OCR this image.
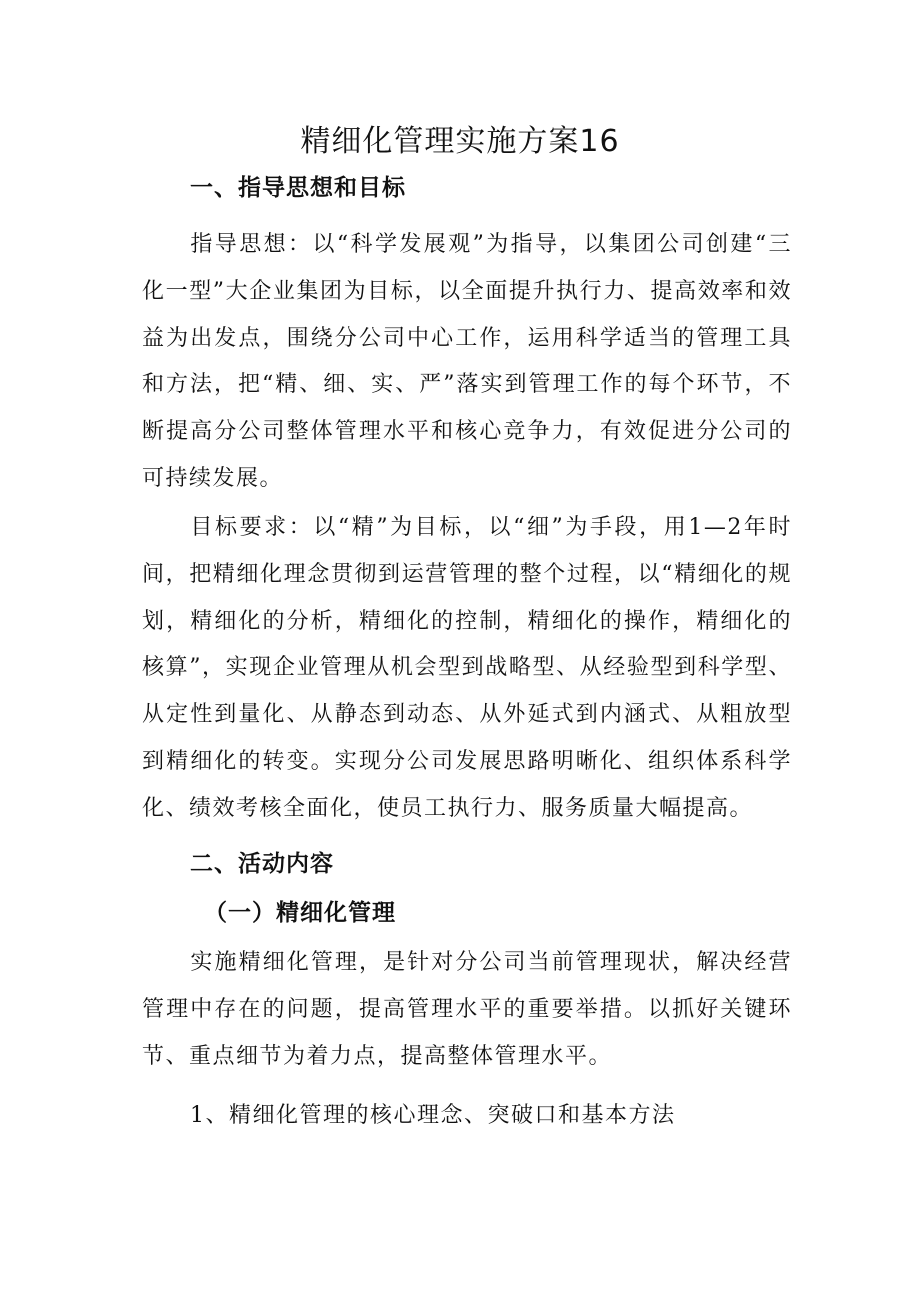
精细化管理实施方案16
一、指导思想和目标
指导思想：以“科学发展观”为指导，以集团公司创建“三化一型”大企业集团为目标，以全面提升执行力、提高效率和效益为出发点，围绕分公司中心工作，运用科学适当的管理工具和方法，把“精、细、实、严”落实到管理工作的每个环节，不断提高分公司整体管理水平和核心竞争力，有效促进分公司的可持续发展。
目标要求：以“精”为目标，以“细”为手段，用1—2年时间，把精细化理念贯彻到运营管理的整个过程，以“精细化的规划，精细化的分析，精细化的控制，精细化的操作，精细化的核算”，实现企业管理从机会型到战略型、从经验型到科学型、从定性到量化、从静态到动态、从外延式到内涵式、从粗放型到精细化的转变。实现分公司发展思路明晰化、组织体系科学化、绩效考核全面化，使员工执行力、服务质量大幅提高。
二、活动内容
（一）精细化管理
实施精细化管理，是针对分公司当前管理现状，解决经营管理中存在的问题，提高管理水平的重要举措。以抓好关键环节、重点细节为着力点，提高整体管理水平。
1、精细化管理的核心理念、突破口和基本方法
